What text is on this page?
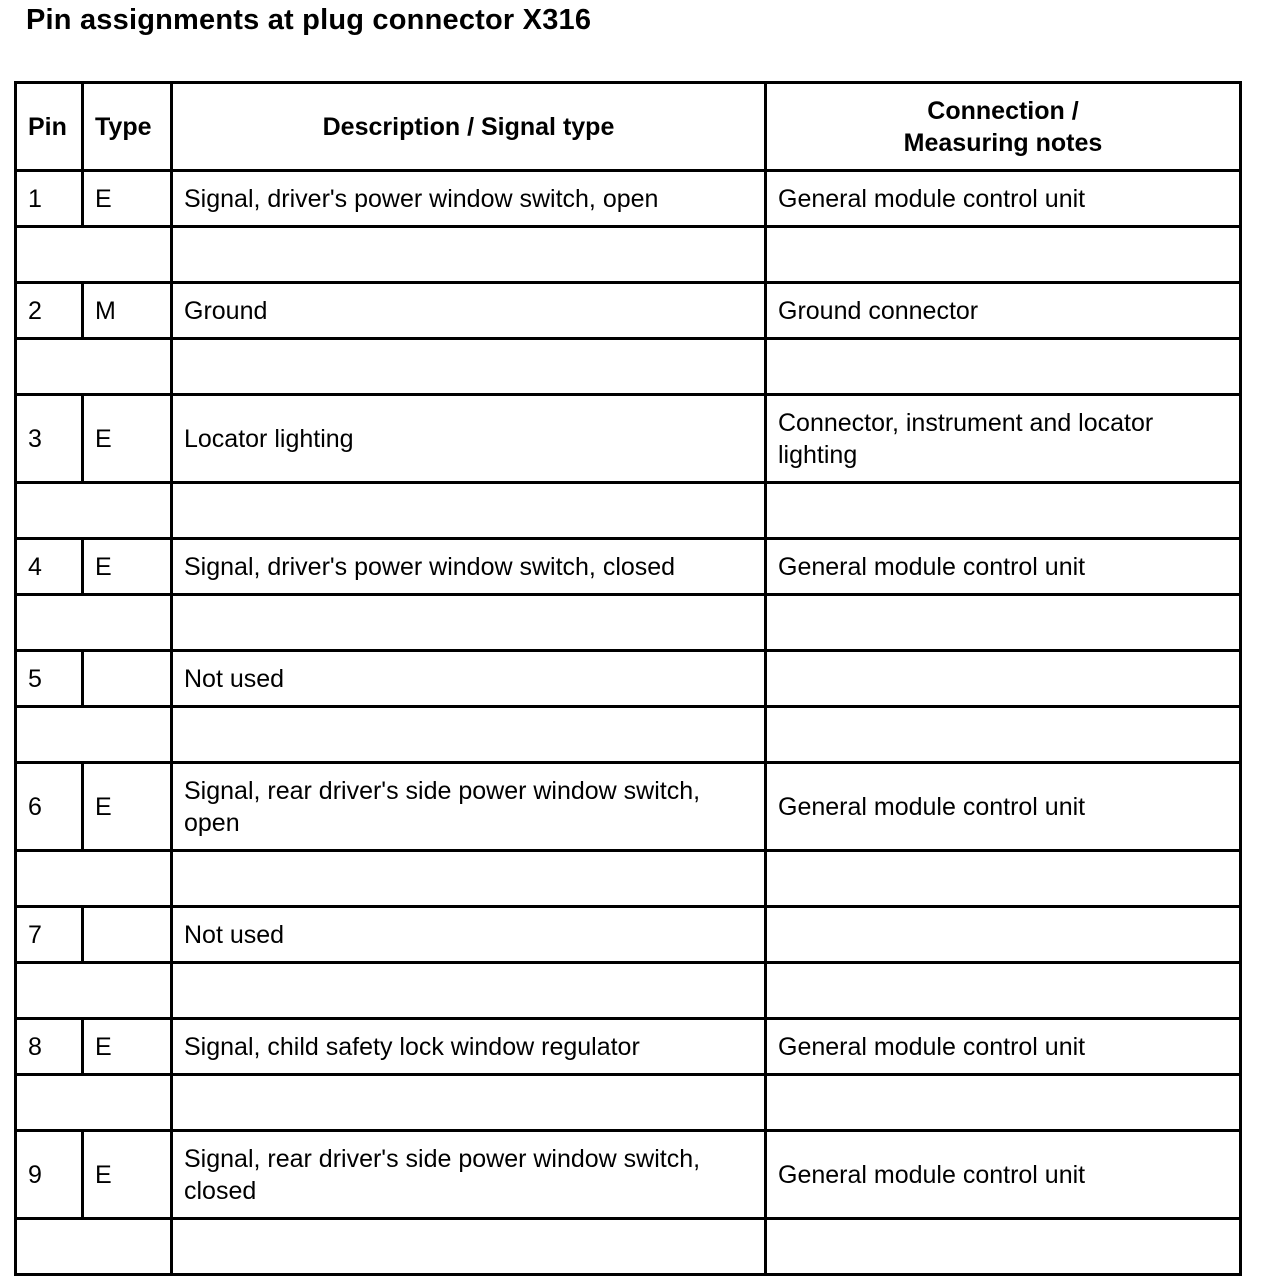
Pin assignments at plug connector X316
Pin	Type	Description / Signal type	Connection /
Measuring notes
1	E	Signal, driver's power window switch, open	General module control unit

2	M	Ground	Ground connector

3	E	Locator lighting	Connector, instrument and locator lighting

4	E	Signal, driver's power window switch, closed	General module control unit

5		Not used	

6	E	Signal, rear driver's side power window switch, open	General module control unit

7		Not used	

8	E	Signal, child safety lock window regulator	General module control unit

9	E	Signal, rear driver's side power window switch, closed	General module control unit
